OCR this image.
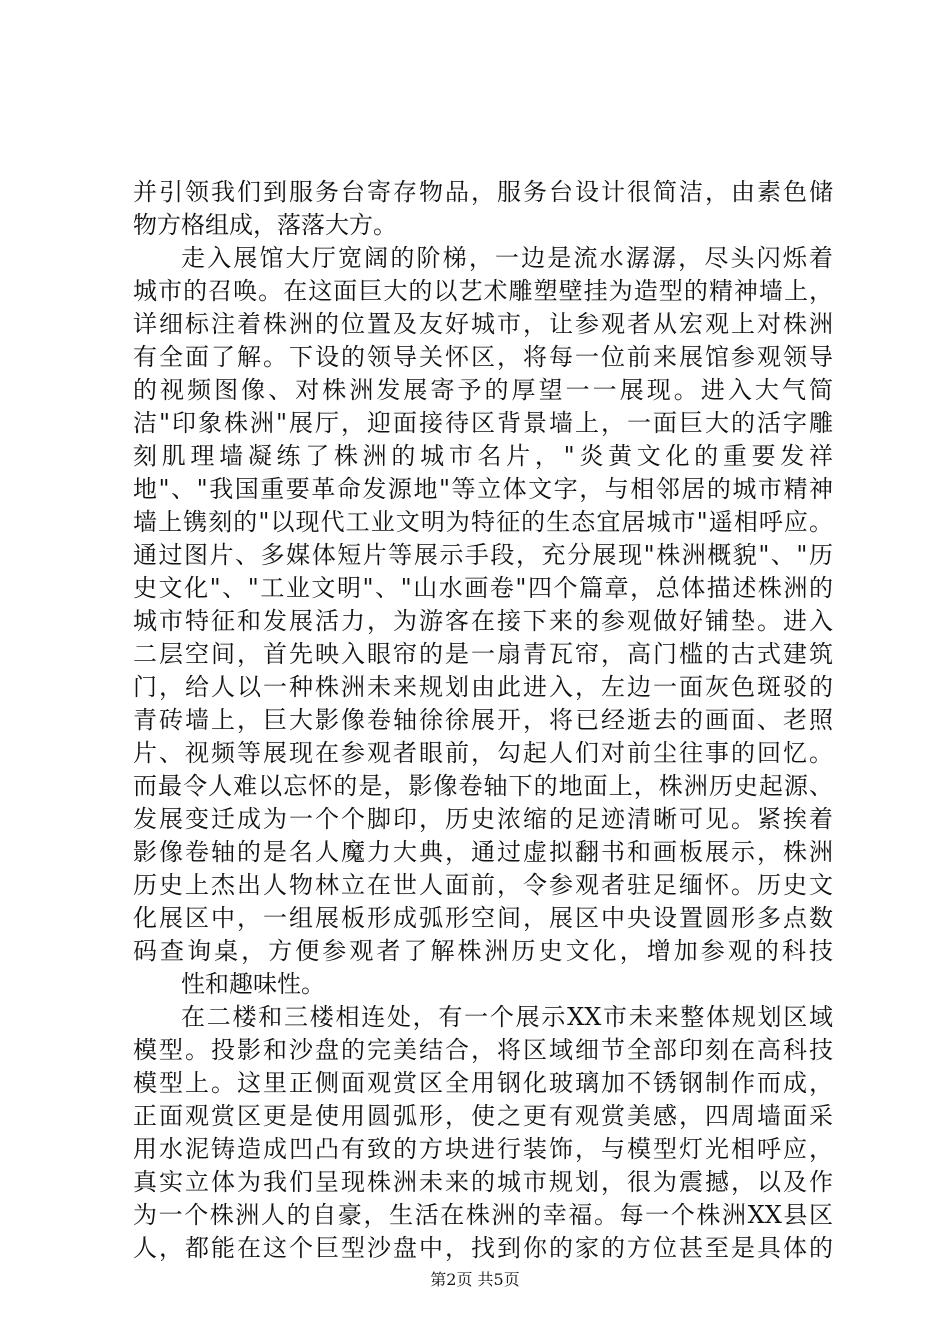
并引领我们到服务台寄存物品，服务台设计很简洁，由素色储
物方格组成，落落大方。
走入展馆大厅宽阔的阶梯，一边是流水潺潺，尽头闪烁着
城市的召唤。在这面巨大的以艺术雕塑壁挂为造型的精神墙上，
详细标注着株洲的位置及友好城市，让参观者从宏观上对株洲
有全面了解。下设的领导关怀区，将每一位前来展馆参观领导
的视频图像、对株洲发展寄予的厚望一一展现。进入大气简
洁"印象株洲"展厅，迎面接待区背景墙上，一面巨大的活字雕
刻肌理墙凝练了株洲的城市名片，"炎黄文化的重要发祥
地"、"我国重要革命发源地"等立体文字，与相邻居的城市精神
墙上镌刻的"以现代工业文明为特征的生态宜居城市"遥相呼应。
通过图片、多媒体短片等展示手段，充分展现"株洲概貌"、"历
史文化"、"工业文明"、"山水画卷"四个篇章，总体描述株洲的
城市特征和发展活力，为游客在接下来的参观做好铺垫。进入
二层空间，首先映入眼帘的是一扇青瓦帘，高门槛的古式建筑
门，给人以一种株洲未来规划由此进入，左边一面灰色斑驳的
青砖墙上，巨大影像卷轴徐徐展开，将已经逝去的画面、老照
片、视频等展现在参观者眼前，勾起人们对前尘往事的回忆。
而最令人难以忘怀的是，影像卷轴下的地面上，株洲历史起源、
发展变迁成为一个个脚印，历史浓缩的足迹清晰可见。紧挨着
影像卷轴的是名人魔力大典，通过虚拟翻书和画板展示，株洲
历史上杰出人物林立在世人面前，令参观者驻足缅怀。历史文
化展区中，一组展板形成弧形空间，展区中央设置圆形多点数
码查询桌，方便参观者了解株洲历史文化，增加参观的科技
性和趣味性。
在二楼和三楼相连处，有一个展示XX市未来整体规划区域
模型。投影和沙盘的完美结合，将区域细节全部印刻在高科技
模型上。这里正侧面观赏区全用钢化玻璃加不锈钢制作而成，
正面观赏区更是使用圆弧形，使之更有观赏美感，四周墙面采
用水泥铸造成凹凸有致的方块进行装饰，与模型灯光相呼应，
真实立体为我们呈现株洲未来的城市规划，很为震撼，以及作
为一个株洲人的自豪，生活在株洲的幸福。每一个株洲XX县区
人，都能在这个巨型沙盘中，找到你的家的方位甚至是具体的
第2页 共5页
